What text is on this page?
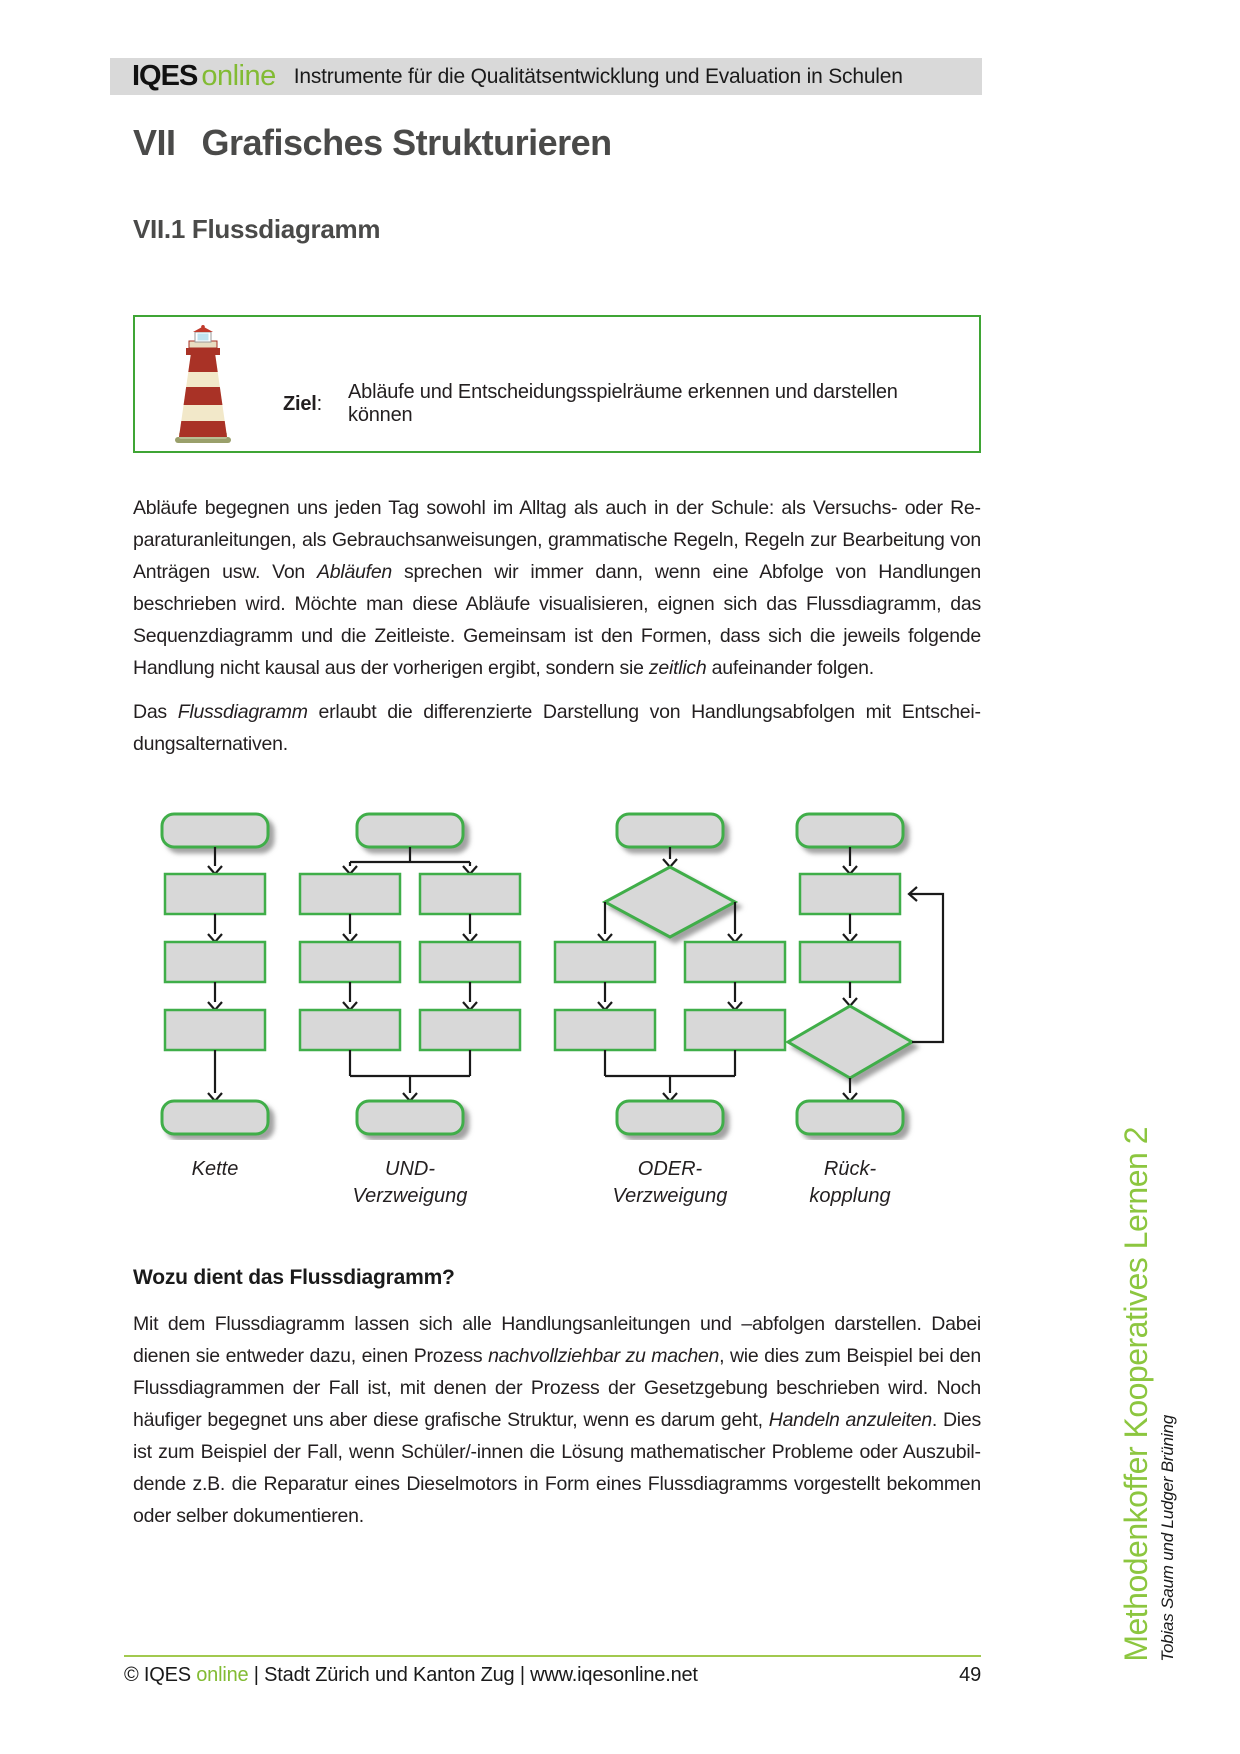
IQES online Instrumente für die Qualitätsentwicklung und Evaluation in Schulen
VII Grafisches Strukturieren
VII.1 Flussdiagramm

Ziel :
Abläufe und Entscheidungsspielräume erkennen und darstellen können

Abläufe begegnen uns jeden Tag sowohl im Alltag als auch in der Schule: als Versuchs- oder Reparaturanleitungen, als Gebrauchsanweisungen, grammatische Regeln, Regeln zur Bearbeitung von Anträgen usw. Von Abläufen sprechen wir immer dann, wenn eine Abfolge von Handlungen beschrieben wird. Möchte man diese Abläufe visualisieren, eignen sich das Flussdiagramm, das Sequenzdiagramm und die Zeitleiste. Gemeinsam ist den Formen, dass sich die jeweils folgende Handlung nicht kausal aus der vorherigen ergibt, sondern sie zeitlich aufeinander folgen.

Das Flussdiagramm erlaubt die differenzierte Darstellung von Handlungsabfolgen mit Entscheidungsalternativen.

Kette	UND-
Verzweigung
ODER-
Verzweigung
Rück-
kopplung
Wozu dient das Flussdiagramm?

Mit dem Flussdiagramm lassen sich alle Handlungsanleitungen und –abfolgen darstellen. Dabei dienen sie entweder dazu, einen Prozess nachvollziehbar zu machen, wie dies zum Beispiel bei den Flussdiagrammen der Fall ist, mit denen der Prozess der Gesetzgebung beschrieben wird. Noch häufiger begegnet uns aber diese grafische Struktur, wenn es darum geht, Handeln anzuleiten. Dies ist zum Beispiel der Fall, wenn Schüler/-innen die Lösung mathematischer Probleme oder Auszubildende z.B. die Reparatur eines Dieselmotors in Form eines Flussdiagramms vorgestellt bekommen oder selber dokumentieren.	Methodenkoffer Kooperatives Lernen 2 Tobias Saum und Ludger Brüning
© IQES online | Stadt Zürich und Kanton Zug | www.iqesonline.net	49
